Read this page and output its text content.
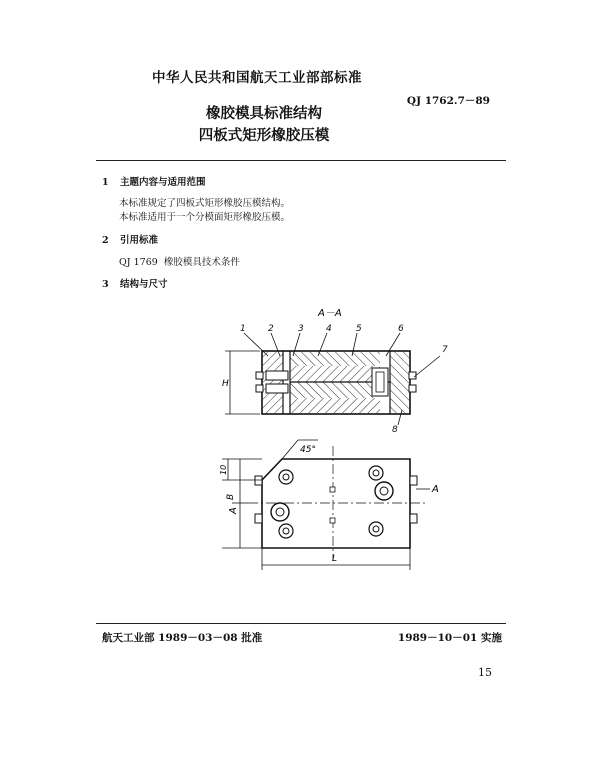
中华人民共和国航天工业部部标准
QJ 1762.7－89
橡胶模具标准结构
四板式矩形橡胶压模
1 主题内容与适用范围
本标准规定了四板式矩形橡胶压模结构。
本标准适用于一个分模面矩形橡胶压模。
2 引用标准
QJ 1769 橡胶模具技术条件
3 结构与尺寸
A－A
1 2	3 4	5	6
7
8
H
45°
10
B
A
A
L
航天工业部 1989－03－08 批准	1989－10－01 实施
15
